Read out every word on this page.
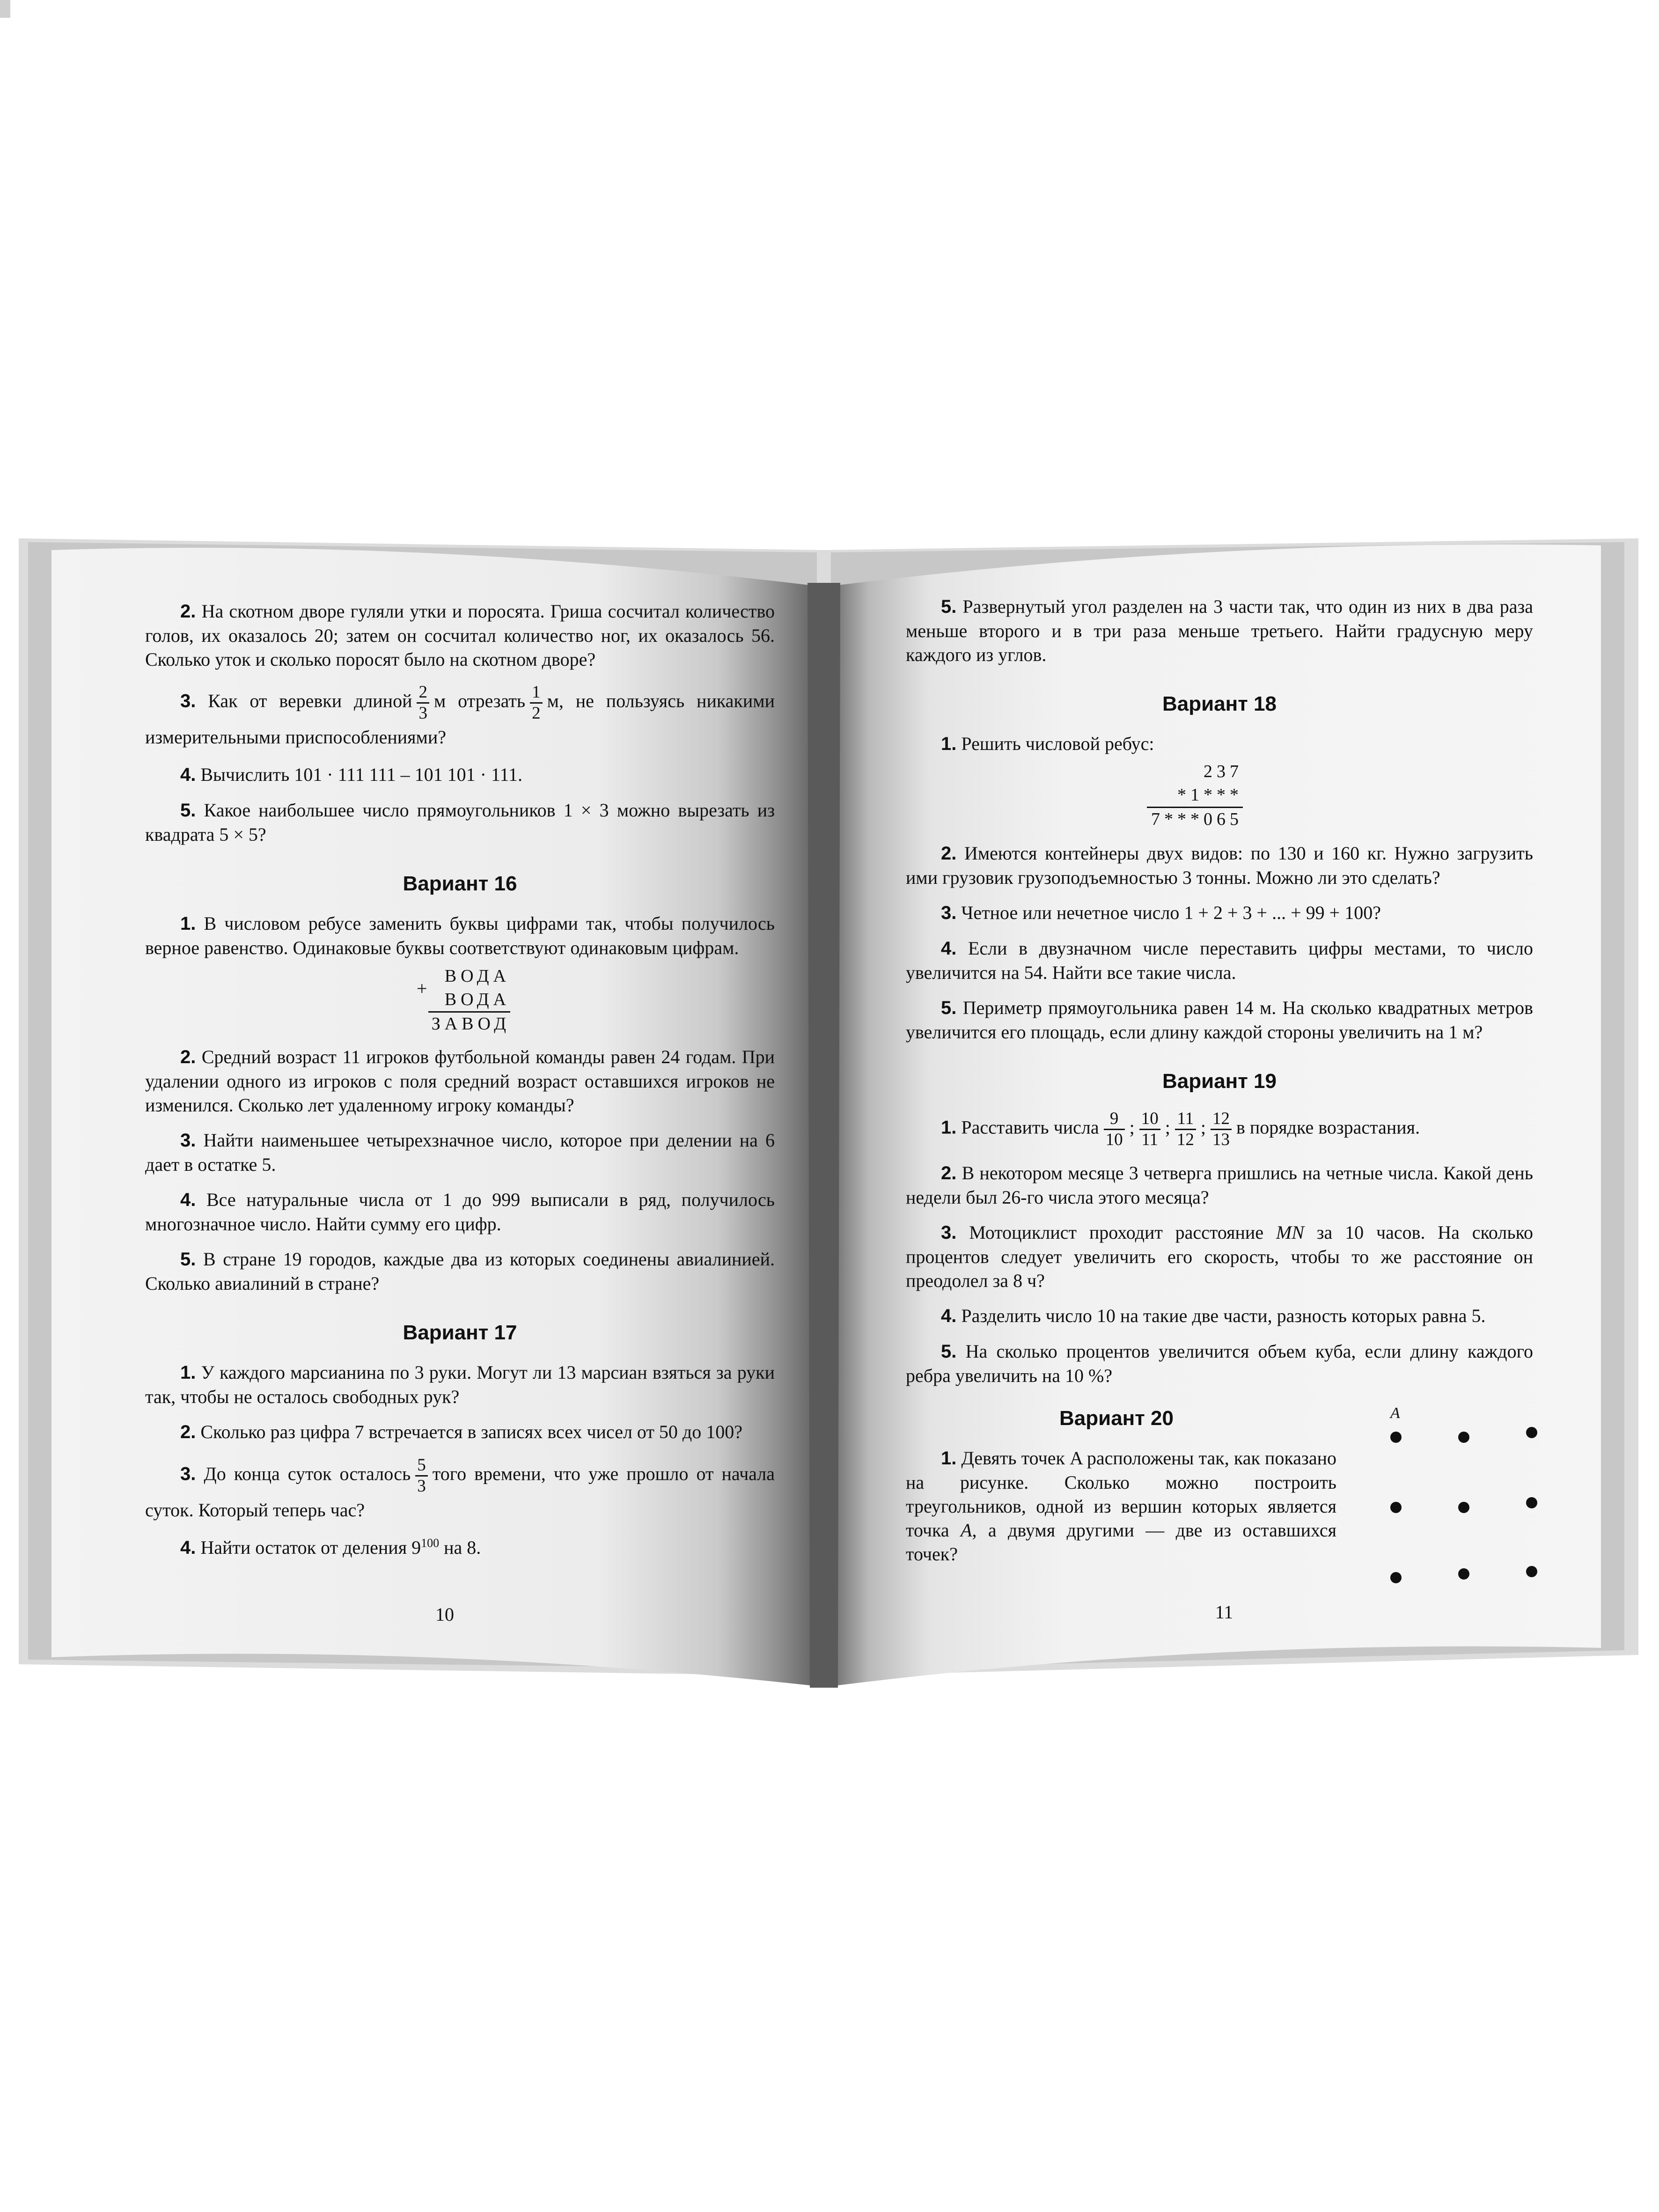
2. На скотном дворе гуляли утки и поросята. Гриша сосчитал количество голов, их оказалось 20; затем он сосчитал количество ног, их оказалось 56. Сколько уток и сколько поросят было на скотном дворе?

3. Как от веревки длиной $\frac{2}{3}$ м отрезать $\frac{1}{2} м$, не пользуясь никакими измерительными приспособлениями?

4. Вычислить 101 · 111 111 – 101 101 · 111.

5. Какое наибольшее число прямоугольников 1 × 3 можно вырезать из квадрата 5 × 5?

Вариант 16

1. В числовом ребусе заменить буквы цифрами так, чтобы получилось верное равенство. Одинаковые буквы соответствуют одинаковым цифрам.

+
ВОДА
ВОДА
ЗАВОД

2. Средний возраст 11 игроков футбольной команды равен 24 годам. При удалении одного из игроков с поля средний возраст оставшихся игроков не изменился. Сколько лет удаленному игроку команды?

3. Найти наименьшее четырехзначное число, которое при делении на 6 дает в остатке 5.

4. Все натуральные числа от 1 до 999 выписали в ряд, получилось многозначное число. Найти сумму его цифр.

5. В стране 19 городов, каждые два из которых соединены авиалинией. Сколько авиалиний в стране?

Вариант 17

1. У каждого марсианина по 3 руки. Могут ли 13 марсиан взяться за руки так, чтобы не осталось свободных рук?

2. Сколько раз цифра 7 встречается в записях всех чисел от 50 до 100?

3. До конца суток осталось $\frac{5}{3}$ того времени, что уже прошло от начала суток. Который теперь час?

4. Найти остаток от деления $9^{100}$ на 8.

10

5. Развернутый угол разделен на 3 части так, что один из них в два раза меньше второго и в три раза меньше третьего. Найти градусную меру каждого из углов.

Вариант 18

1. Решить числовой ребус:

237
*1***
7***065

2. Имеются контейнеры двух видов: по 130 и 160 кг. Нужно загрузить ими грузовик грузоподъемностью 3 тонны. Можно ли это сделать?

3. Четное или нечетное число 1 + 2 + 3 + ... + 99 + 100?

4. Если в двузначном числе переставить цифры местами, то число увеличится на 54. Найти все такие числа.

5. Периметр прямоугольника равен 14 м. На сколько квадратных метров увеличится его площадь, если длину каждой стороны увеличить на 1 м?

Вариант 19

1. Расставить числа $\frac{9}{10}$ ; $\frac{10}{11}$ ; $\frac{11}{12}$ ; $\frac{12}{13}$ в порядке возрастания.

2. В некотором месяце 3 четверга пришлись на четные числа. Какой день недели был 26-го числа этого месяца?

3. Мотоциклист проходит расстояние MN за 10 часов. На сколько процентов следует увеличить его скорость, чтобы то же расстояние он преодолел за 8 ч?

4. Разделить число 10 на такие две части, разность которых равна 5.

5. На сколько процентов увеличится объем куба, если длину каждого ребра увеличить на 10 %?

Вариант 20

1. Девять точек A расположены так, как показано на рисунке. Сколько можно построить треугольников, одной из вершин которых является точка A, а двумя другими — две из оставшихся точек?

A
11
